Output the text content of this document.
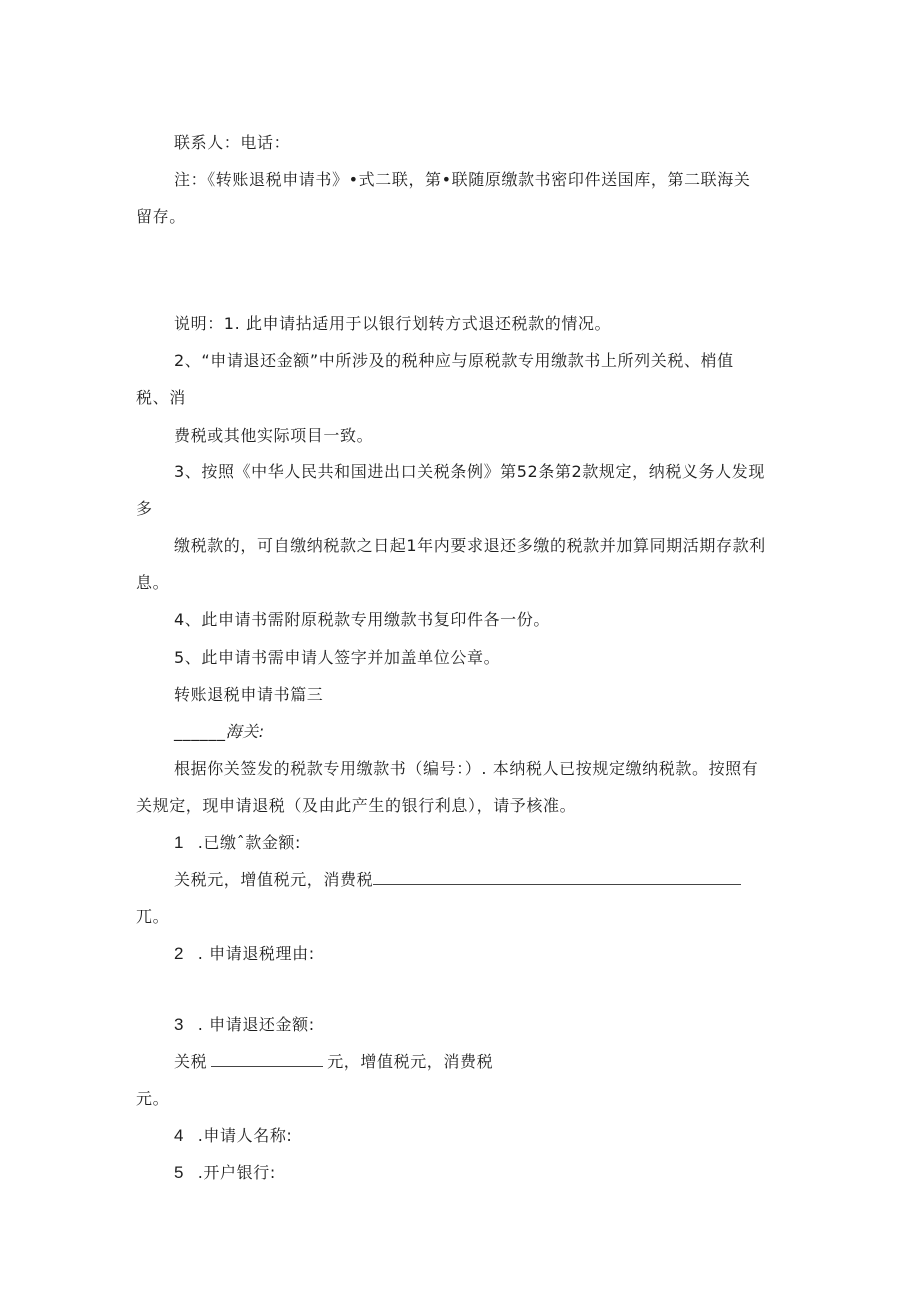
联系人：电话：
注：《转账退税申请书》•式二联，第•联随原缴款书密印件送国库，第二联海关
留存。
说明：1. 此申请拈适用于以银行划转方式退还税款的情况。
2、“申请退还金额”中所涉及的税种应与原税款专用缴款书上所列关税、梢值
税、消
费税或其他实际项目一致。
3、按照《中华人民共和国进出口关税条例》第52条第2款规定，纳税义务人发现
多
缴税款的，可自缴纳税款之日起1年内要求退还多缴的税款并加算同期活期存款利
息。
4、此申请书需附原税款专用缴款书复印件各一份。
5、此申请书需申请人签字并加盖单位公章。
转账退税申请书篇三
______海关:
根据你关签发的税款专用缴款书（编号：）. 本纳税人已按规定缴纳税款。按照有
关规定，现申请退税（及由此产生的银行利息），请予核准。
1 .已缴ˆ款金额:
关税元，增值税元，消费税
兀。
2 . 申请退税理由:
3 . 申请退还金额:
关税	元，增值税元，消费税
元。
4 .申请人名称:
5 .开户银行:
